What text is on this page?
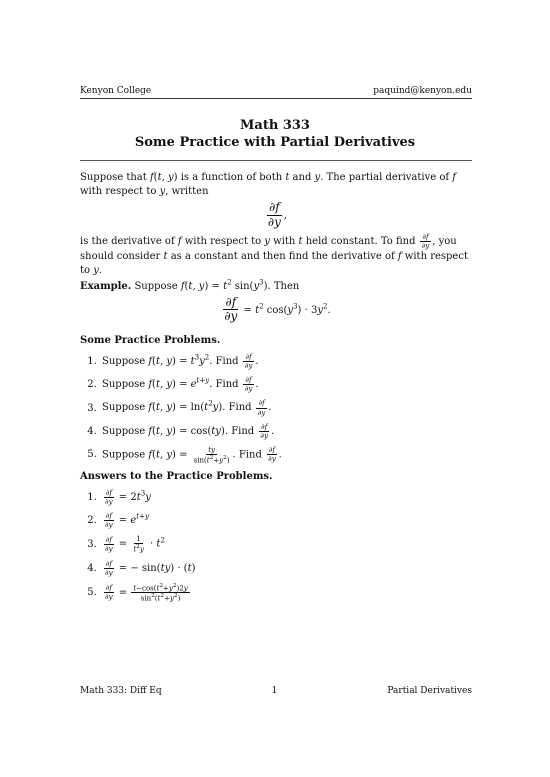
Kenyon College	paquind@kenyon.edu
Math 333
Some Practice with Partial Derivatives

Suppose that f(t, y) is a function of both t and y. The partial derivative of f with respect to y, written

$\frac{\partial f}{\partial y}$ ,

is the derivative of f with respect to y with t held constant. To find $\frac{\partial f}{\partial y}$ , you should consider t as a constant and then find the derivative of f with respect to y.

Example. Suppose f(t, $y) = t^2$ $\sin(y^3)$. Then

$\frac{\partial f}{\partial y} = t^2$ $\cos(y^3) \cdot 3y^2$.

Some Practice Problems.

1. Suppose f(t, $y) = t^3y^2$. Find $\frac{\partial f}{\partial y}$ .
2. Suppose f(t, $y) = e^{t+y}$. Find $\frac{\partial f}{\partial y}$ .
3. Suppose f(t, $y) = \ln(t^2y)$. Find $\frac{\partial f}{\partial y}$ .
4. Suppose f(t, y) = cos(ty). Find $\frac{\partial f}{\partial y}$ .
5. Suppose f(t, $y) = \frac{ty}{\sin(t^2+y^2)}$ . Find $\frac{\partial f}{\partial y}$ .

Answers to the Practice Problems.

1. $\frac{\partial f}{\partial y} = 2t^3y$
2. $\frac{\partial f}{\partial y} = e^{t+y}$
3. $\frac{\partial f}{\partial y} = \frac{1}{t^2y} \cdot t^2$
4. $\frac{\partial f}{\partial y}$ = − sin(ty) · (t)
5. $\frac{\partial f}{\partial y} = \frac{t-\cos(t^2+y^2)2y}{\sin^2(t^2+y^2)}$
Math 333: Diff Eq	1	Partial Derivatives
